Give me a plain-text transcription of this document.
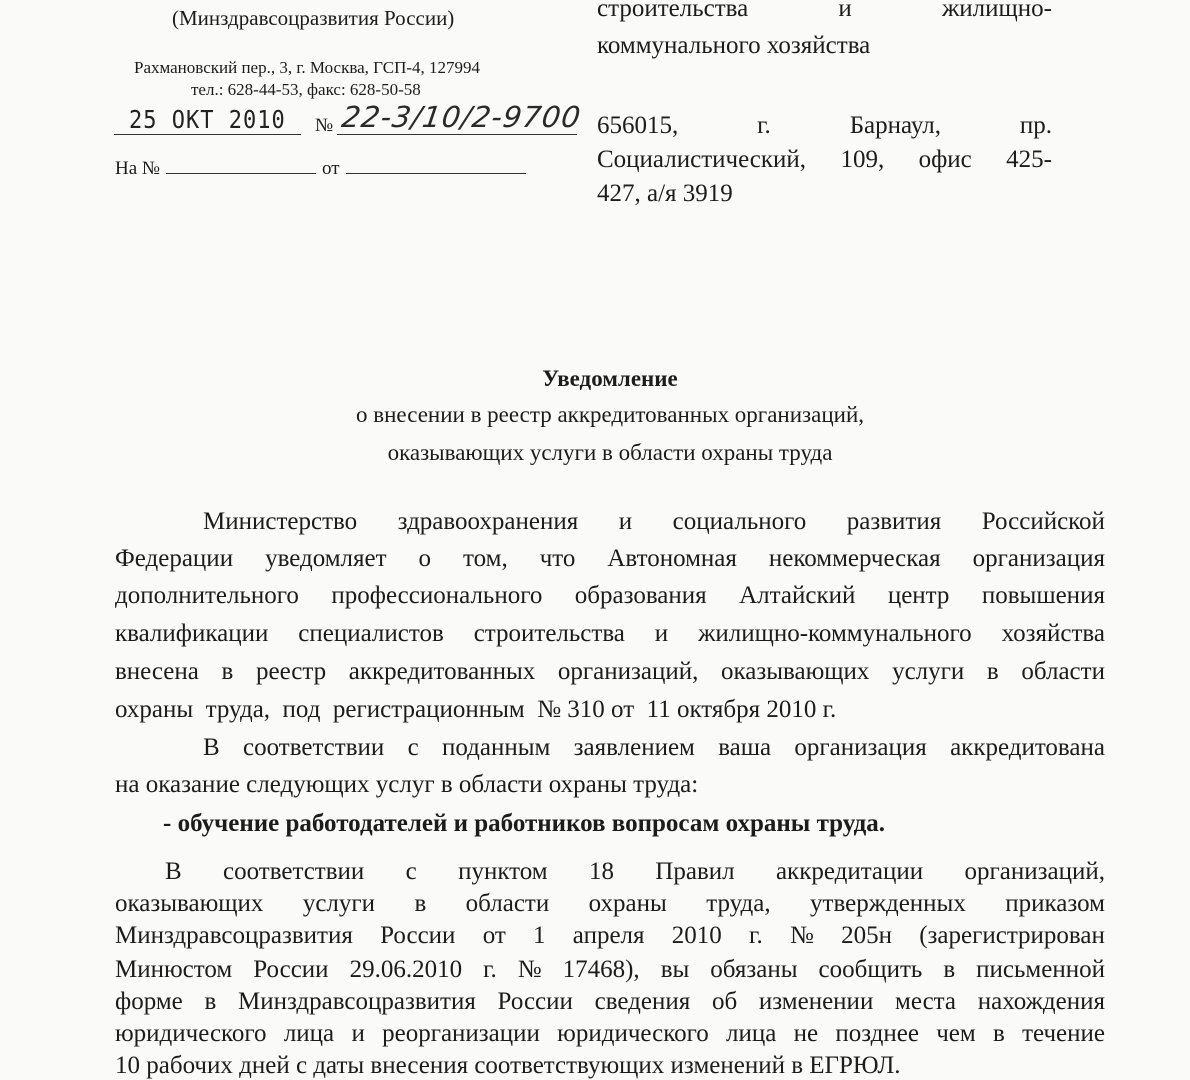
(Минздравсоцразвития России)
Рахмановский пер., 3, г. Москва, ГСП-4, 127994
тел.: 628-44-53, факс: 628-50-58
25 ОКТ 2010 № 22-3/10/2-9700
На №	от
строительства	и	жилищно-
коммунального хозяйства
656015,	г.	Барнаул,	пр.
Социалистический, 109, офис 425-
427, а/я 3919
Уведомление
о внесении в реестр аккредитованных организаций,
оказывающих услуги в области охраны труда
Министерство здравоохранения и социального развития Российской
Федерации уведомляет о том, что Автономная некоммерческая организация
дополнительного профессионального образования Алтайский центр повышения
квалификации специалистов строительства и жилищно-коммунального хозяйства
внесена в реестр аккредитованных организаций, оказывающих услуги в области
охраны  труда,  под  регистрационным  № 310 от  11 октября 2010 г.
В соответствии с поданным заявлением ваша организация аккредитована
на оказание следующих услуг в области охраны труда:
- обучение работодателей и работников вопросам охраны труда.
В соответствии с пунктом 18 Правил аккредитации организаций,
оказывающих услуги в области охраны труда, утвержденных приказом
Минздравсоцразвития России от 1 апреля 2010 г. № 205н (зарегистрирован
Минюстом России 29.06.2010 г. № 17468), вы обязаны сообщить в письменной
форме в Минздравсоцразвития России сведения об изменении места нахождения
юридического лица и реорганизации юридического лица не позднее чем в течение
10 рабочих дней с даты внесения соответствующих изменений в ЕГРЮЛ.
